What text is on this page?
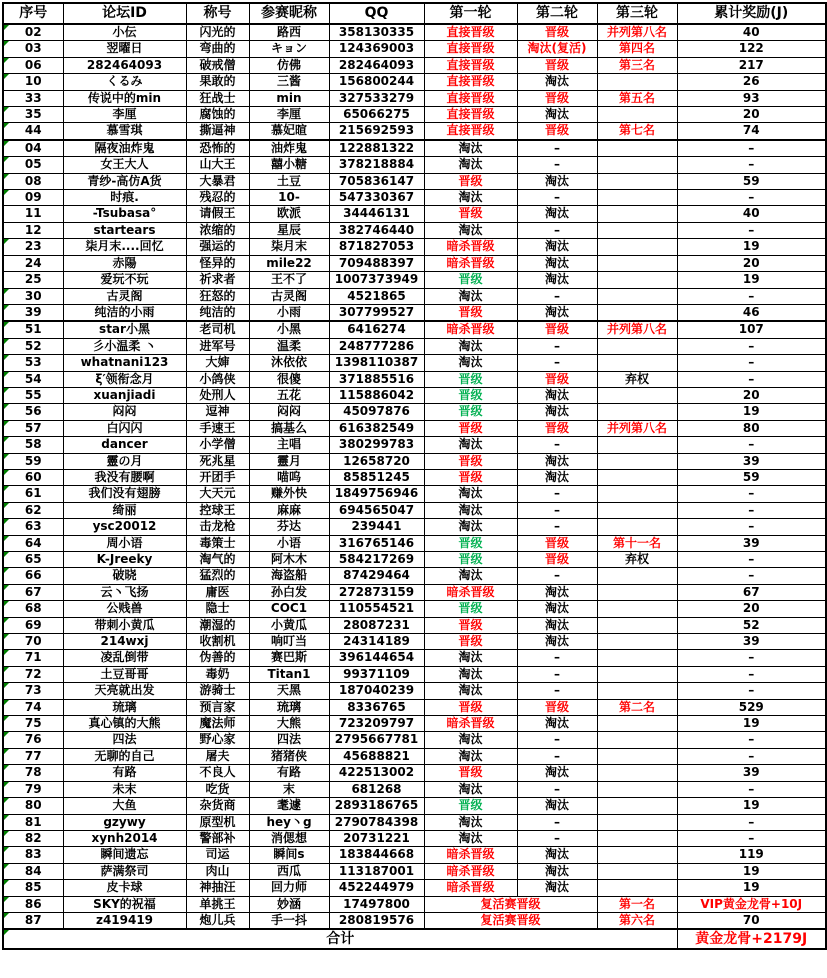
序号	论坛ID	称号	参赛昵称	QQ	第一轮	第二轮	第三轮	累计奖励(J)
02	小伝	闪光的	路西	358130335	直接晋级	晋级	并列第八名	40
03	翌曜日	弯曲的	キョン	124369003	直接晋级	淘汰(复活)	第四名	122
06	282464093	破戒僧	仿佛	282464093	直接晋级	晋级	第三名	217
10	くるみ	果敢的	三酱	156800244	直接晋级	淘汰		26
33	传说中的min	狂战士	min	327533279	直接晋级	晋级	第五名	93
35	李厘	腐蚀的	李厘	65066275	直接晋级	淘汰		20
44	慕雪琪	撕逼神	慕妃暄	215692593	直接晋级	晋级	第七名	74
04	隔夜油炸鬼	恐怖的	油炸鬼	122881322	淘汰	–		–
05	女王大人	山大王	囍小糖	378218884	淘汰	–		–
08	青纱-高仿A货	大暴君	土豆	705836147	晋级	淘汰		59
09	时痕.	残忍的	10-	547330367	淘汰	–		–
11	-Tsubasa°	请假王	欧派	34446131	晋级	淘汰		40
12	startears	浓缩的	星辰	382746440	淘汰	–		–
23	柒月末....回忆	强运的	柒月末	871827053	暗杀晋级	淘汰		19
24	赤陽	怪异的	mile22	709488397	暗杀晋级	淘汰		20
25	爱玩不玩	祈求者	王不了	1007373949	晋级	淘汰		19
30	古灵阁	狂怒的	古灵阁	4521865	淘汰	–		–
39	纯洁的小雨	纯洁的	小雨	307799527	晋级	淘汰		46
51	star小黑	老司机	小黑	6416274	暗杀晋级	晋级	并列第八名	107
52	彡小温柔 丶	进军号	温柔	248777286	淘汰	–		–
53	whatnani123	大婶	沐依依	1398110387	淘汰	–		–
54	ξ′领衔念月	小鸽侠	很傻	371885516	晋级	晋级	弃权	–
55	xuanjiadi	处刑人	五花	115886042	晋级	淘汰		20
56	闷闷	逗神	闷闷	45097876	晋级	淘汰		19
57	白闪闪	手速王	搞基么	616382549	晋级	晋级	并列第八名	80
58	dancer	小学僧	主唱	380299783	淘汰	–		–
59	靈の月	死兆星	靈月	12658720	晋级	淘汰		39
60	我没有腰啊	开团手	喵呜	85851245	晋级	淘汰		59
61	我们没有翅膀	大天元	赚外快	1849756946	淘汰	–		–
62	绮丽	控球王	麻麻	694565047	淘汰	–		–
63	ysc20012	击龙枪	芬达	239441	淘汰	–		–
64	周小语	毒策士	小语	316765146	晋级	晋级	第十一名	39
65	K-Jreeky	淘气的	阿木木	584217269	晋级	晋级	弃权	–
66	破晓	猛烈的	海盗船	87429464	淘汰	–		–
67	云丶飞扬	庸医	孙白发	272873159	暗杀晋级	淘汰		67
68	公贱兽	隐士	COC1	110554521	晋级	淘汰		20
69	带刺小黄瓜	潮湿的	小黄瓜	28087231	晋级	淘汰		52
70	214wxj	收割机	响叮当	24314189	晋级	淘汰		39
71	凌乱倒带	伪善的	赛巴斯	396144654	淘汰	–		–
72	土豆哥哥	毒奶	Titan1	99371109	淘汰	–		–
73	天亮就出发	游骑士	天黑	187040239	淘汰	–		–
74	琉璃	预言家	琉璃	8336765	晋级	晋级	第二名	529
75	真心镇的大熊	魔法师	大熊	723209797	暗杀晋级	淘汰		19
76	四法	野心家	四法	2795667781	淘汰	–		–
77	无聊的自己	屠夫	猪猪侠	45688821	淘汰	–		–
78	有路	不良人	有路	422513002	晋级	淘汰		39
79	未末	吃货	末	681268	淘汰	–		–
80	大鱼	杂货商	耄遽	2893186765	晋级	淘汰		19
81	gzywy	原型机	hey丶g	2790784398	淘汰	–		–
82	xynh2014	警部补	消偲想	20731221	淘汰	–		–
83	瞬间遗忘	司运	瞬间s	183844668	暗杀晋级	淘汰		119
84	萨满祭司	肉山	西瓜	113187001	暗杀晋级	淘汰		19
85	皮卡球	神抽汪	回力师	452244979	暗杀晋级	淘汰		19
86	SKY的祝福	单挑王	妙涵	17497800	复活赛晋级		第一名	VIP黄金龙骨+10J
87	z419419	炮儿兵	手一抖	280819576	复活赛晋级		第六名	70
合计								黄金龙骨+2179J
